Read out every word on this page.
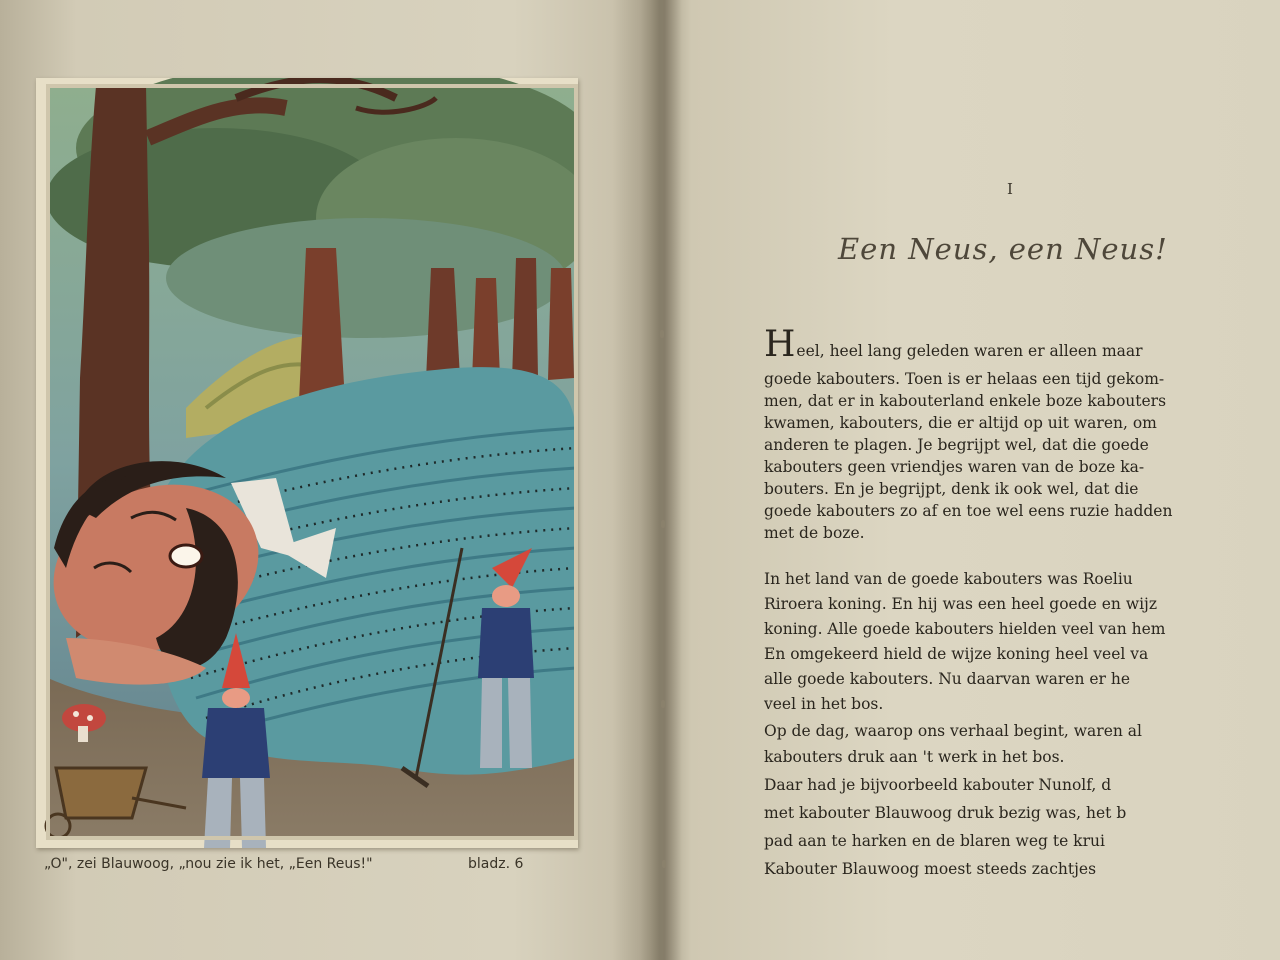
„O", zei Blauwoog, „nou zie ik het, „Een Reus!"	bladz. 6
I
Een Neus, een Neus!
Heel, heel lang geleden waren er alleen maar
goede kabouters. Toen is er helaas een tijd gekom-
men, dat er in kabouterland enkele boze kabouters
kwamen, kabouters, die er altijd op uit waren, om
anderen te plagen. Je begrijpt wel, dat die goede
kabouters geen vriendjes waren van de boze ka-
bouters. En je begrijpt, denk ik ook wel, dat die
goede kabouters zo af en toe wel eens ruzie hadden
met de boze.
In het land van de goede kabouters was Roeliu
Riroera koning. En hij was een heel goede en wijz
koning. Alle goede kabouters hielden veel van hem
En omgekeerd hield de wijze koning heel veel va
alle goede kabouters. Nu daarvan waren er he
veel in het bos.
Op de dag, waarop ons verhaal begint, waren al
kabouters druk aan 't werk in het bos.
Daar had je bijvoorbeeld kabouter Nunolf, d
met kabouter Blauwoog druk bezig was, het b
pad aan te harken en de blaren weg te krui
Kabouter Blauwoog moest steeds zachtjes
